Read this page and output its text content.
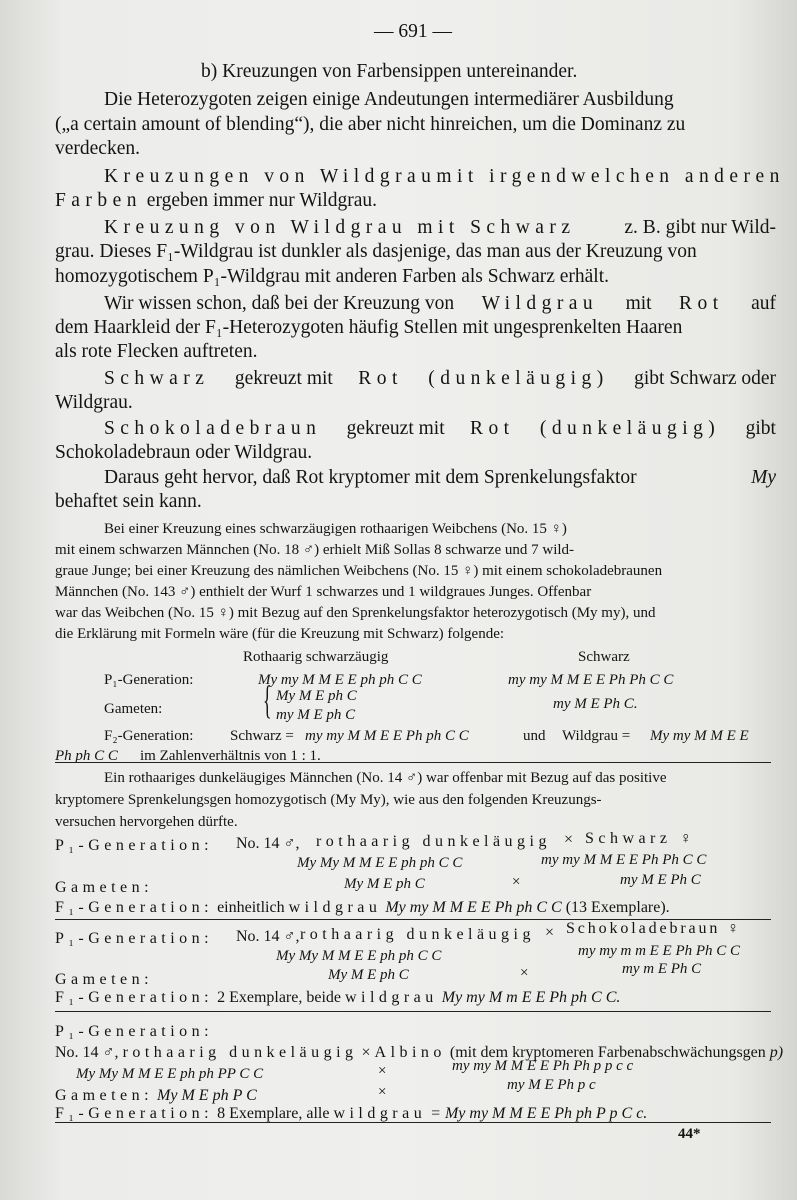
— 691 —
b) Kreuzungen von Farbensippen untereinander.
Die Heterozygoten zeigen einige Andeutungen intermediärer Ausbildung
(„a certain amount of blending“), die aber nicht hinreichen, um die Dominanz zu
verdecken.
Kreuzungen von Wildgrau mit irgendwelchen anderen
Farben ergeben immer nur Wildgrau.
Kreuzung von Wildgrau mit Schwarz	z. B. gibt nur Wild-
grau. Dieses F₁-Wildgrau ist dunkler als dasjenige, das man aus der Kreuzung von
homozygotischem P₁-Wildgrau mit anderen Farben als Schwarz erhält.
Wir wissen schon, daß bei der Kreuzung von Wildgrau mit Rot auf
dem Haarkleid der F₁-Heterozygoten häufig Stellen mit ungesprenkelten Haaren
als rote Flecken auftreten.
Schwarz gekreuzt mit Rot (dunkeläugig) gibt Schwarz oder
Wildgrau.
Schokoladebraun gekreuzt mit Rot (dunkeläugig) gibt
Schokoladebraun oder Wildgrau.
Daraus geht hervor, daß Rot kryptomer mit dem Sprenkelungsfaktor	My
behaftet sein kann.
Bei einer Kreuzung eines schwarzäugigen rothaarigen Weibchens (No. 15 ♀)
mit einem schwarzen Männchen (No. 18 ♂) erhielt Miß Sollas 8 schwarze und 7 wild-
graue Junge; bei einer Kreuzung des nämlichen Weibchens (No. 15 ♀) mit einem schokoladebraunen
Männchen (No. 143 ♂) enthielt der Wurf 1 schwarzes und 1 wildgraues Junges. Offenbar
war das Weibchen (No. 15 ♀) mit Bezug auf den Sprenkelungsfaktor heterozygotisch (My my), und
die Erklärung mit Formeln wäre (für die Kreuzung mit Schwarz) folgende:
Rothaarig schwarzäugig	Schwarz
P₁-Generation:	My my M M E E ph ph C C	my my M M E E Ph Ph C C
Gameten:	{ My M E ph C
my M E ph C
my M E Ph C.
F₂-Generation: Schwarz = my my M M E E Ph ph C C	und Wildgrau = My my M M E E
Ph ph C C im Zahlenverhältnis von 1 : 1.
Ein rothaariges dunkeläugiges Männchen (No. 14 ♂) war offenbar mit Bezug auf das positive
kryptomere Sprenkelungsgen homozygotisch (My My), wie aus den folgenden Kreuzungs-
versuchen hervorgehen dürfte.
P₁-Generation: No. 14 ♂, rothaarig dunkeläugig × Schwarz ♀
My My M M E E ph ph C C	my my M M E E Ph Ph C C
Gameten:	My M E ph C	×	my M E Ph C
F₁-Generation: einheitlich wildgrau My my M M E E Ph ph C C (13 Exemplare).
P₁-Generation: No. 14 ♂, rothaarig dunkeläugig × Schokoladebraun ♀
My My M M E E ph ph C C	my my m m E E Ph Ph C C
Gameten:	My M E ph C	×	my m E Ph C
F₁-Generation: 2 Exemplare, beide wildgrau My my M m E E Ph ph C C.
P₁-Generation:
No. 14 ♂, rothaarig dunkeläugig × Albino (mit dem kryptomeren Farbenabschwächungsgen p)
My My M M E E ph ph PP C C	×	my my M M E E Ph Ph p p c c
Gameten: My M E ph P C	×	my M E Ph p c
F₁-Generation: 8 Exemplare, alle wildgrau = My my M M E E Ph ph P p C c.
44*
